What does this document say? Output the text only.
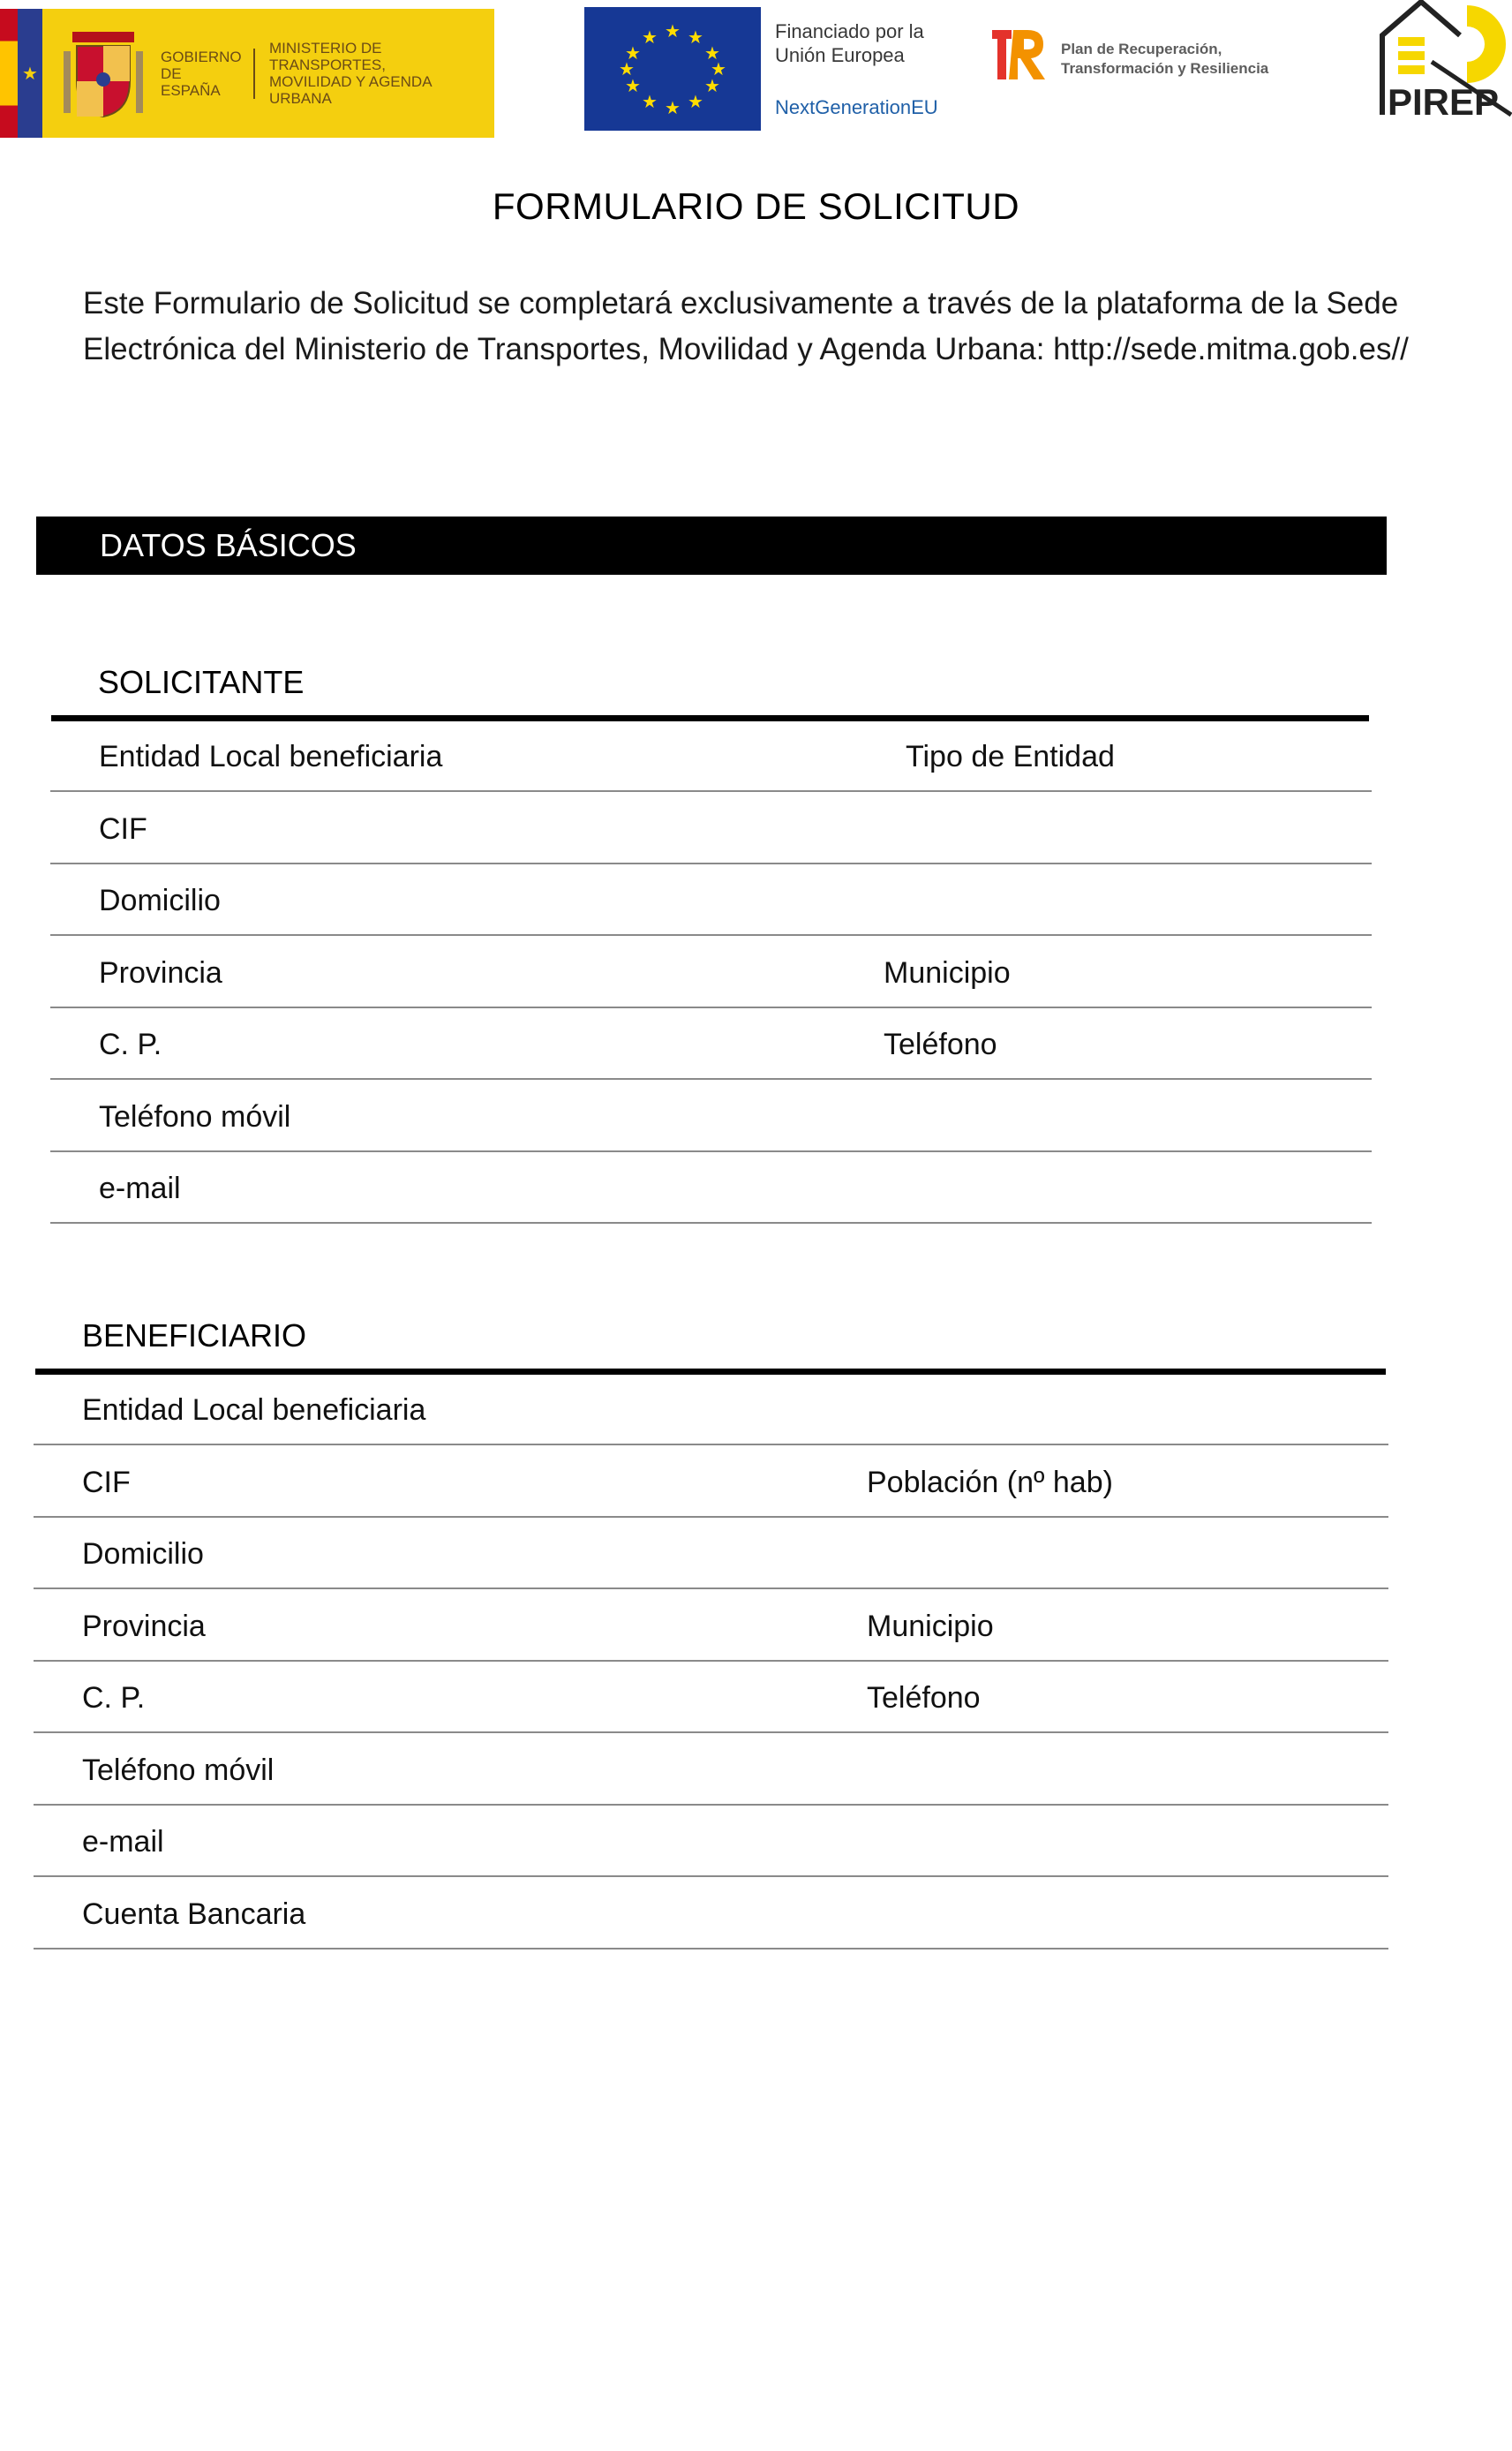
★
GOBIERNO DE ESPAÑA
MINISTERIO DE TRANSPORTES, MOVILIDAD Y AGENDA URBANA
★ ★
★
★
★
★
★
★
★
★
★
★	Financiado por la
Unión Europea
NextGenerationEU
Plan de Recuperación,
Transformación y Resiliencia
PIREP
FORMULARIO DE SOLICITUD
Este Formulario de Solicitud se completará exclusivamente a través de la plataforma de la Sede Electrónica del Ministerio de Transportes, Movilidad y Agenda Urbana: http://sede.mitma.gob.es//
DATOS BÁSICOS
SOLICITANTE
Entidad Local beneficiaria	Tipo de Entidad
CIF
Domicilio
Provincia	Municipio
C. P.	Teléfono
Teléfono móvil
e-mail
BENEFICIARIO
Entidad Local beneficiaria
CIF	Población (nº hab)
Domicilio
Provincia	Municipio
C. P.	Teléfono
Teléfono móvil
e-mail
Cuenta Bancaria
